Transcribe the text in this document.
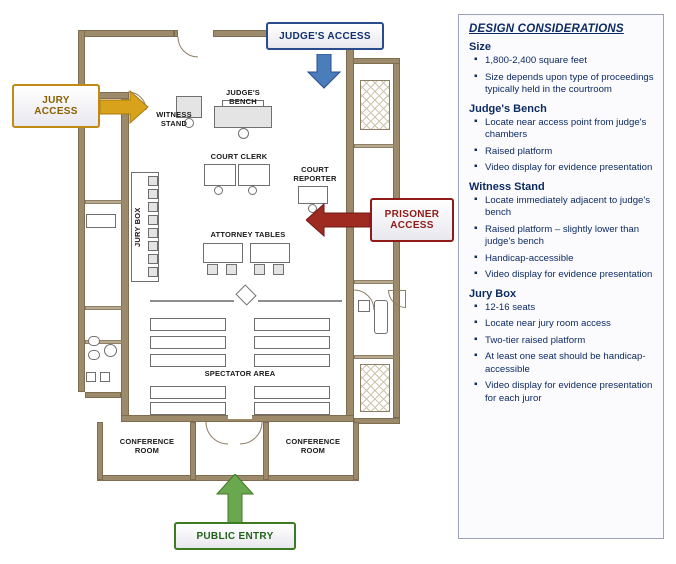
JUDGE'S
BENCH
WITNESS
STAND
COURT CLERK
COURT
REPORTER
JURY BOX	ATTORNEY TABLES
SPECTATOR AREA
CONFERENCE
ROOM
CONFERENCE
ROOM
JUDGE'S ACCESS
JURY
ACCESS
PRISONER
ACCESS
PUBLIC ENTRY
DESIGN CONSIDERATIONS
Size
▪ 1,800-2,400 square feet
▪ Size depends upon type of proceedings typically held in the courtroom
Judge's Bench
▪ Locate near access point from judge's chambers
▪ Raised platform
▪ Video display for evidence presentation
Witness Stand
▪ Locate immediately adjacent to judge's bench
▪ Raised platform – slightly lower than judge's bench
▪ Handicap-accessible
▪ Video display for evidence presentation
Jury Box
▪ 12-16 seats
▪ Locate near jury room access
▪ Two-tier raised platform
▪ At least one seat should be handicap-accessible
▪ Video display for evidence presentation for each juror
